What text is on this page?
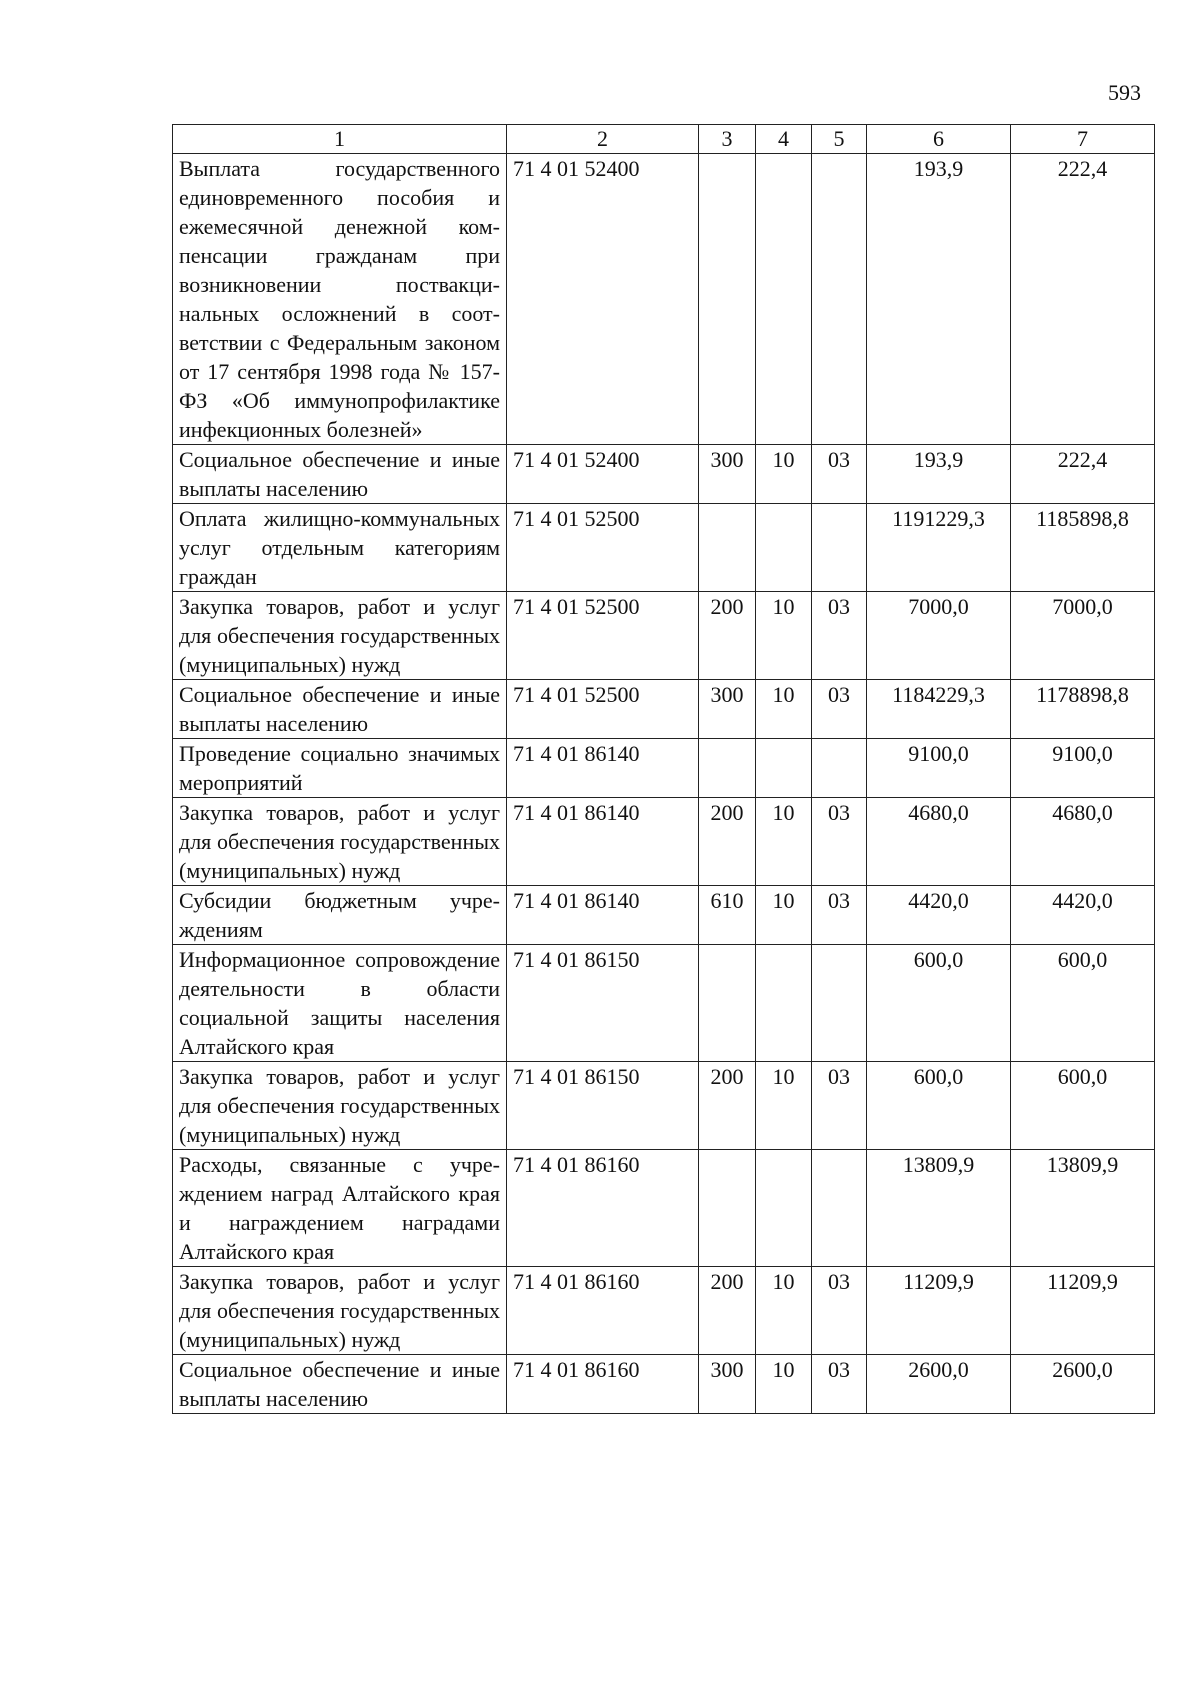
593
1	2	3	4	5	6	7
Выплата государственного единовременного пособия и ежемесячной денежной компенсации гражданам при возникновении поствакцинальных осложнений в соответствии с Федеральным законом от 17 сентября 1998 года № 157-ФЗ «Об иммунопрофилактике инфекционных болезней»	71 4 01 52400				193,9	222,4
Социальное обеспечение и иные выплаты населению	71 4 01 52400	300	10	03	193,9	222,4
Оплата жилищно-коммунальных услуг отдельным категориям граждан	71 4 01 52500				1191229,3	1185898,8
Закупка товаров, работ и услуг для обеспечения государственных (муниципальных) нужд	71 4 01 52500	200	10	03	7000,0	7000,0
Социальное обеспечение и иные выплаты населению	71 4 01 52500	300	10	03	1184229,3	1178898,8
Проведение социально значимых мероприятий	71 4 01 86140				9100,0	9100,0
Закупка товаров, работ и услуг для обеспечения государственных (муниципальных) нужд	71 4 01 86140	200	10	03	4680,0	4680,0
Субсидии бюджетным учреждениям	71 4 01 86140	610	10	03	4420,0	4420,0
Информационное сопровождение деятельности в области социальной защиты населения Алтайского края	71 4 01 86150				600,0	600,0
Закупка товаров, работ и услуг для обеспечения государственных (муниципальных) нужд	71 4 01 86150	200	10	03	600,0	600,0
Расходы, связанные с учреждением наград Алтайского края и награждением наградами Алтайского края	71 4 01 86160				13809,9	13809,9
Закупка товаров, работ и услуг для обеспечения государственных (муниципальных) нужд	71 4 01 86160	200	10	03	11209,9	11209,9
Социальное обеспечение и иные выплаты населению	71 4 01 86160	300	10	03	2600,0	2600,0
